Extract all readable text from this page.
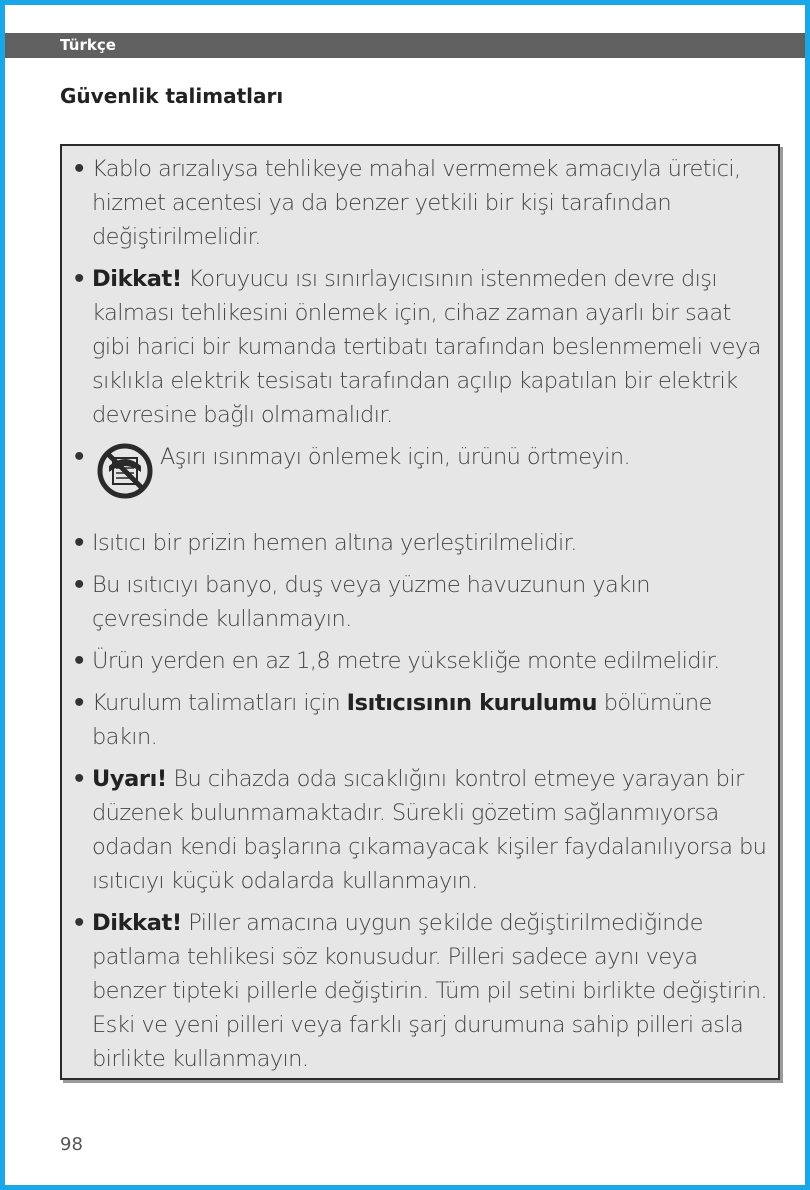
Türkçe
Güvenlik talimatları
• Kablo arızalıysa tehlikeye mahal vermemek amacıyla üretici, hizmet acentesi ya da benzer yetkili bir kişi tarafından değiştirilmelidir.
• Dikkat! Koruyucu ısı sınırlayıcısının istenmeden devre dışı kalması tehlikesini önlemek için, cihaz zaman ayarlı bir saat gibi harici bir kumanda tertibatı tarafından beslenmemeli veya sıklıkla elektrik tesisatı tarafından açılıp kapatılan bir elektrik devresine bağlı olmamalıdır.
•	Aşırı ısınmayı önlemek için, ürünü örtmeyin.
• Isıtıcı bir prizin hemen altına yerleştirilmelidir.
• Bu ısıtıcıyı banyo, duş veya yüzme havuzunun yakın çevresinde kullanmayın.
• Ürün yerden en az 1,8 metre yüksekliğe monte edilmelidir.
• Kurulum talimatları için Isıtıcısının kurulumu bölümüne bakın.
• Uyarı! Bu cihazda oda sıcaklığını kontrol etmeye yarayan bir düzenek bulunmamaktadır. Sürekli gözetim sağlanmıyorsa odadan kendi başlarına çıkamayacak kişiler faydalanılıyorsa bu ısıtıcıyı küçük odalarda kullanmayın.
• Dikkat! Piller amacına uygun şekilde değiştirilmediğinde patlama tehlikesi söz konusudur. Pilleri sadece aynı veya benzer tipteki pillerle değiştirin. Tüm pil setini birlikte değiştirin. Eski ve yeni pilleri veya farklı şarj durumuna sahip pilleri asla birlikte kullanmayın.
98
